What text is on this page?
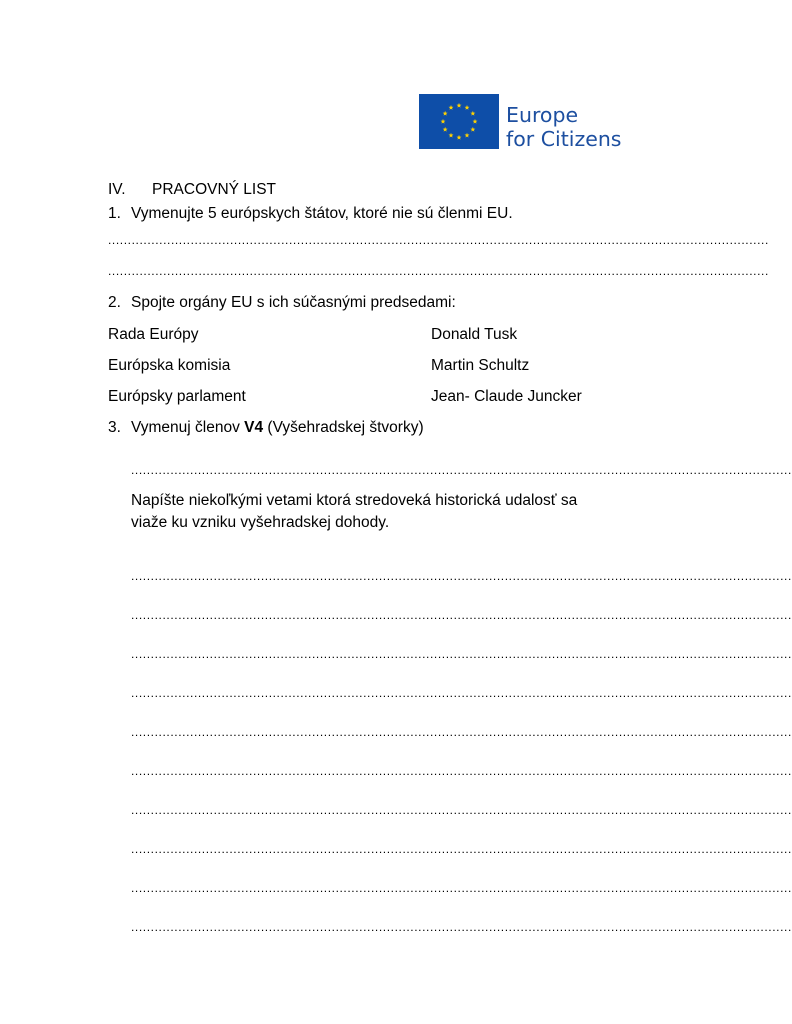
Europe
for Citizens
IV. PRACOVNÝ LIST
1. Vymenujte 5 európskych štátov, ktoré nie sú členmi EU.
........................................................................................................................................................................
........................................................................................................................................................................
2. Spojte orgány EU s ich súčasnými predsedami:
Rada Európy	Donald Tusk
Európska komisia	Martin Schultz
Európsky parlament	Jean- Claude Juncker
3. Vymenuj členov V4 (Vyšehradskej štvorky)
........................................................................................................................................................................
Napíšte niekoľkými vetami ktorá stredoveká historická udalosť sa
viaže ku vzniku vyšehradskej dohody.
........................................................................................................................................................................
........................................................................................................................................................................
........................................................................................................................................................................
........................................................................................................................................................................
........................................................................................................................................................................
........................................................................................................................................................................
........................................................................................................................................................................
........................................................................................................................................................................
........................................................................................................................................................................
........................................................................................................................................................................
